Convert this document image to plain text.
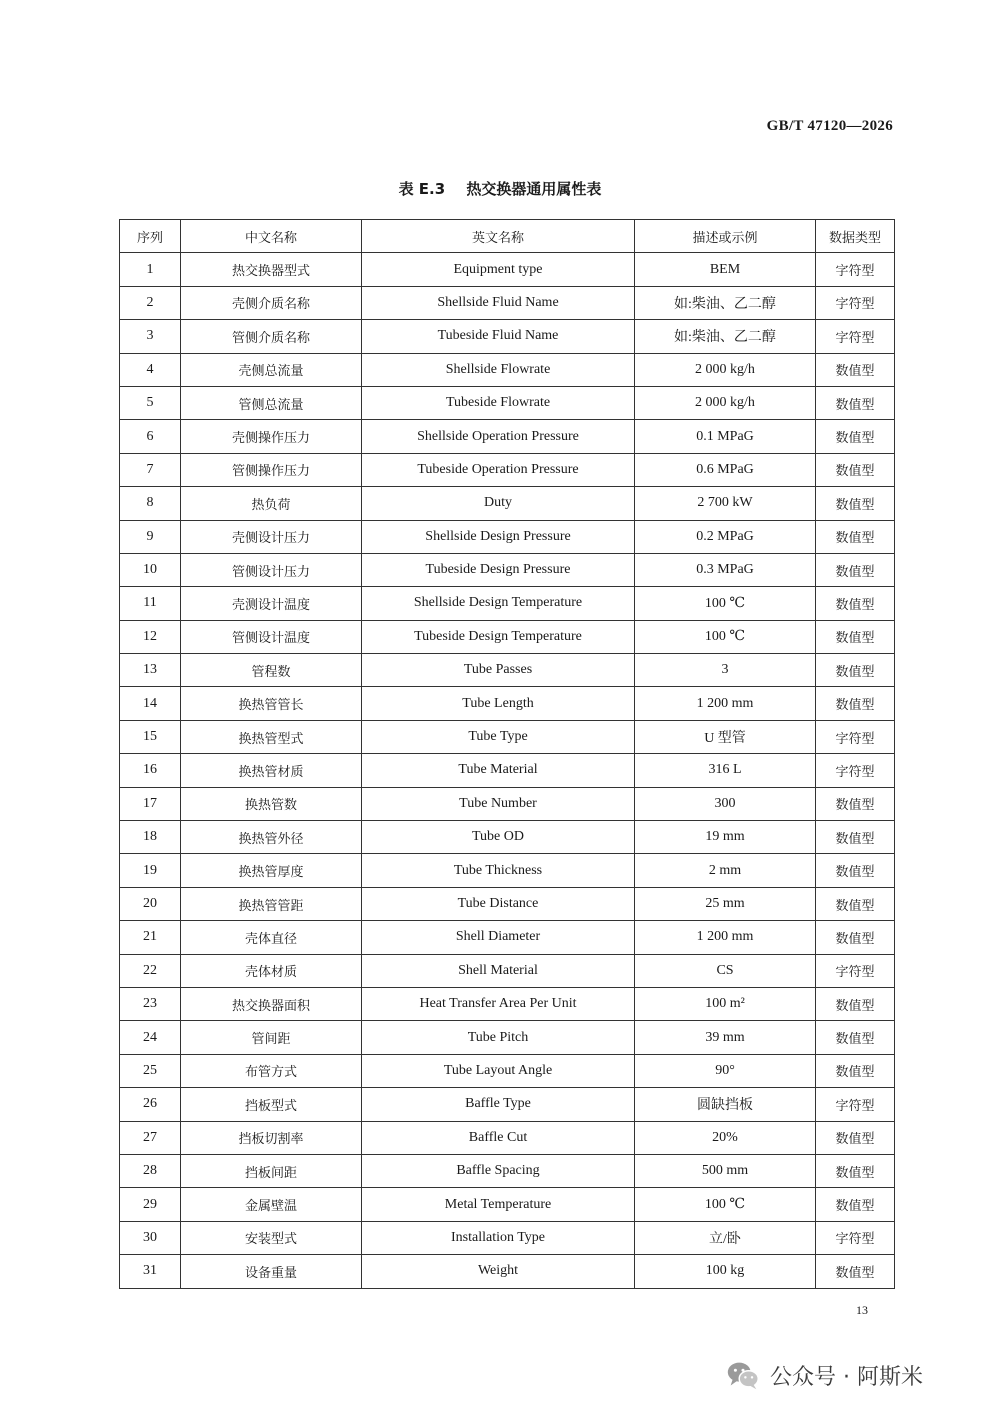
GB/T 47120—2026
表 E.3 热交换器通用属性表
序列	中文名称	英文名称	描述或示例	数据类型
1	热交换器型式	Equipment type	BEM	字符型
2	壳侧介质名称	Shellside Fluid Name	如:柴油、乙二醇	字符型
3	管侧介质名称	Tubeside Fluid Name	如:柴油、乙二醇	字符型
4	壳侧总流量	Shellside Flowrate	2 000 kg/h	数值型
5	管侧总流量	Tubeside Flowrate	2 000 kg/h	数值型
6	壳侧操作压力	Shellside Operation Pressure	0.1 MPaG	数值型
7	管侧操作压力	Tubeside Operation Pressure	0.6 MPaG	数值型
8	热负荷	Duty	2 700 kW	数值型
9	壳侧设计压力	Shellside Design Pressure	0.2 MPaG	数值型
10	管侧设计压力	Tubeside Design Pressure	0.3 MPaG	数值型
11	壳测设计温度	Shellside Design Temperature	100 ℃	数值型
12	管侧设计温度	Tubeside Design Temperature	100 ℃	数值型
13	管程数	Tube Passes	3	数值型
14	换热管管长	Tube Length	1 200 mm	数值型
15	换热管型式	Tube Type	U 型管	字符型
16	换热管材质	Tube Material	316 L	字符型
17	换热管数	Tube Number	300	数值型
18	换热管外径	Tube OD	19 mm	数值型
19	换热管厚度	Tube Thickness	2 mm	数值型
20	换热管管距	Tube Distance	25 mm	数值型
21	壳体直径	Shell Diameter	1 200 mm	数值型
22	壳体材质	Shell Material	CS	字符型
23	热交换器面积	Heat Transfer Area Per Unit	100 m²	数值型
24	管间距	Tube Pitch	39 mm	数值型
25	布管方式	Tube Layout Angle	90°	数值型
26	挡板型式	Baffle Type	圆缺挡板	字符型
27	挡板切割率	Baffle Cut	20%	数值型
28	挡板间距	Baffle Spacing	500 mm	数值型
29	金属壁温	Metal Temperature	100 ℃	数值型
30	安装型式	Installation Type	立/卧	字符型
31	设备重量	Weight	100 kg	数值型
13
公众号 · 阿斯米
